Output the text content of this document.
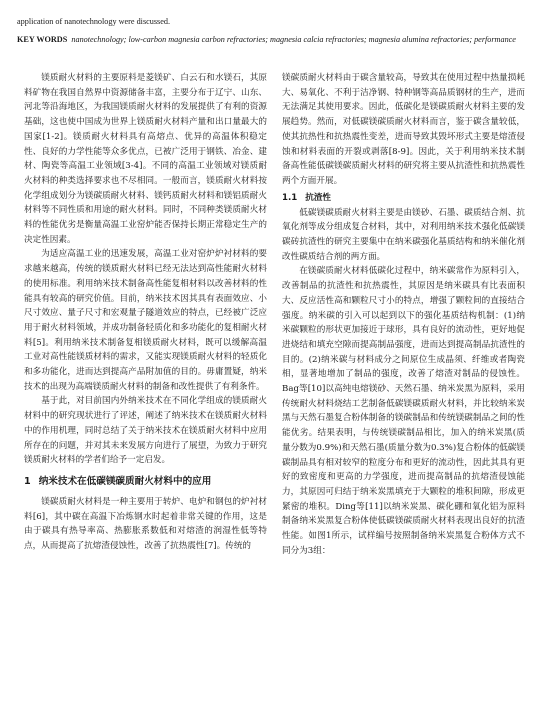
application of nanotechnology were discussed.
KEY WORDS nanotechnology; low-carbon magnesia carbon refractories; magnesia calcia refractories; magnesia alumina refractories; performance

镁质耐火材料的主要原料是菱镁矿、白云石和水镁石，其原料矿物在我国自然界中资源储备丰富，主要分布于辽宁、山东、河北等沿海地区，为我国镁质耐火材料的发展提供了有利的资源基础，这也使中国成为世界上镁质耐火材料产量和出口量最大的国家[1-2]。镁质耐火材料具有高熔点、优异的高温体积稳定性、良好的力学性能等众多优点，已被广泛用于钢铁、冶金、建材、陶瓷等高温工业领域[3-4]。不同的高温工业领域对镁质耐火材料的种类选择要求也不尽相同。一般而言，镁质耐火材料按化学组成划分为镁碳质耐火材料、镁钙质耐火材料和镁铝质耐火材料等不同性质和用途的耐火材料。同时，不同种类镁质耐火材料的性能优劣是衡量高温工业窑炉能否保持长期正常稳定生产的决定性因素。

为适应高温工业的迅速发展，高温工业对窑炉炉衬材料的要求越来越高，传统的镁质耐火材料已经无法达到高性能耐火材料的使用标准。利用纳米技术制备高性能复相材料以改善材料的性能具有较高的研究价值。目前，纳米技术因其具有表面效应、小尺寸效应、量子尺寸和宏观量子隧道效应的特点，已经被广泛应用于耐火材料领域，并成功制备轻质化和多功能化的复相耐火材料[5]。利用纳米技术制备复相镁质耐火材料，既可以缓解高温工业对高性能镁质材料的需求，又能实现镁质耐火材料的轻质化和多功能化，进而达到提高产品附加值的目的。毋庸置疑，纳米技术的出现为高端镁质耐火材料的制备和改性提供了有利条件。

基于此，对目前国内外纳米技术在不同化学组成的镁质耐火材料中的研究现状进行了评述，阐述了纳米技术在镁质耐火材料中的作用机理，同时总结了关于纳米技术在镁质耐火材料中应用所存在的问题，并对其未来发展方向进行了展望，为致力于研究镁质耐火材料的学者们给予一定启发。

1 纳米技术在低碳镁碳质耐火材料中的应用

镁碳质耐火材料是一种主要用于转炉、电炉和钢包的炉衬材料[6]，其中碳在高温下冶炼钢水时起着非常关键的作用，这是由于碳具有热导率高、热膨胀系数低和对熔渣的润湿性低等特点，从而提高了抗熔渣侵蚀性，改善了抗热震性[7]。传统的

镁碳质耐火材料由于碳含量较高，导致其在使用过程中热量损耗大、易氧化、不利于洁净钢、特种钢等高品质钢材的生产，进而无法满足其使用要求。因此，低碳化是镁碳质耐火材料主要的发展趋势。然而，对低碳镁碳质耐火材料而言，鉴于碳含量较低，使其抗热性和抗热震性变差，进而导致其毁坏形式主要是熔渣侵蚀和材料表面的开裂或剥落[8-9]。因此，关于利用纳米技术制备高性能低碳镁碳质耐火材料的研究将主要从抗渣性和抗热震性两个方面开展。

1.1 抗渣性

低碳镁碳质耐火材料主要是由镁砂、石墨、碳质结合剂、抗氧化剂等成分组成复合材料，其中，对利用纳米技术强化低碳镁碳砖抗渣性的研究主要集中在纳米碳强化基质结构和纳米催化剂改性碳质结合剂的两方面。

在镁碳质耐火材料低碳化过程中，纳米碳常作为原料引入，改善制品的抗渣性和抗热震性，其原因是纳米碳具有比表面积大、反应活性高和颗粒尺寸小的特点，增强了颗粒间的直接结合强度。纳米碳的引入可以起到以下的强化基质结构机制：(1)纳米碳颗粒的形状更加接近于球形，具有良好的流动性，更好地促进烧结和填充空隙而提高制品强度，进而达到提高制品抗渣性的目的。(2)纳米碳与材料成分之间原位生成晶须、纤维或者陶瓷相，显著地增加了制品的强度，改善了熔渣对制品的侵蚀性。Bag等[10]以高纯电熔镁砂、天然石墨、纳米炭黑为原料，采用传统耐火材料烧结工艺制备低碳镁碳质耐火材料，并比较纳米炭黑与天然石墨复合粉体制备的镁碳制品和传统镁碳制品之间的性能优劣。结果表明，与传统镁碳制品相比，加入的纳米炭黑(质量分数为0.9%)和天然石墨(质量分数为0.3%)复合粉体的低碳镁碳制品具有相对较窄的粒度分布和更好的流动性，因此其具有更好的致密度和更高的力学强度，进而提高制品的抗熔渣侵蚀能力，其原因可归结于纳米炭黑填充于大颗粒的堆积间隙，形成更紧密的堆积。Ding等[11]以纳米炭黑、碳化硼和氧化铝为原料制备纳米炭黑复合粉体使低碳镁碳质耐火材料表现出良好的抗渣性能。如图1所示，试样编号按照制备纳米炭黑复合粉体方式不同分为3组：
